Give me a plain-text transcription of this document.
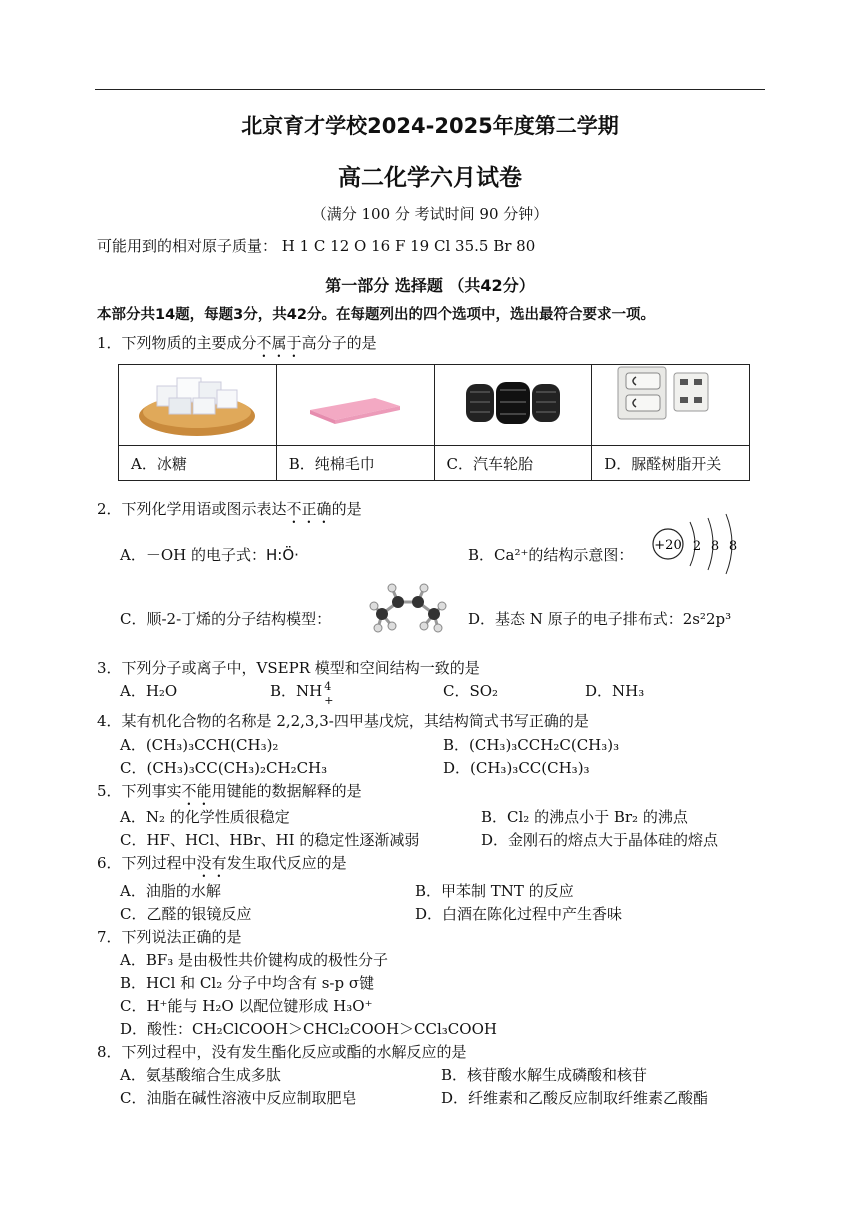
北京育才学校2024-2025年度第二学期
高二化学六月试卷
（满分 100 分 考试时间 90 分钟）
可能用到的相对原子质量： H 1 C 12 O 16 F 19 Cl 35.5 Br 80
第一部分 选择题 （共42分）
本部分共14题，每题3分，共42分。在每题列出的四个选项中，选出最符合要求一项。
1．下列物质的主要成分不属于高分子的是

A．冰糖	B．纯棉毛巾	C．汽车轮胎	D．脲醛树脂开关
2．下列化学用语或图示表达不正确的是
A．－OH 的电子式：H:Ö·	B．Ca²⁺的结构示意图：
+20 2 8 8
C．顺-2-丁烯的分子结构模型：	D．基态 N 原子的电子排布式：2s²2p³
3．下列分子或离子中，VSEPR 模型和空间结构一致的是
A．H₂O	B．NH 4
+
C．SO₂	D．NH₃
4．某有机化合物的名称是 2,2,3,3-四甲基戊烷，其结构简式书写正确的是
A．(CH₃)₃CCH(CH₃)₂	B．(CH₃)₃CCH₂C(CH₃)₃
C．(CH₃)₃CC(CH₃)₂CH₂CH₃	D．(CH₃)₃CC(CH₃)₃
5．下列事实不能用键能的数据解释的是
A．N₂ 的化学性质很稳定	B．Cl₂ 的沸点小于 Br₂ 的沸点
C．HF、HCl、HBr、HI 的稳定性逐渐减弱	D．金刚石的熔点大于晶体硅的熔点
6．下列过程中没有发生取代反应的是
A．油脂的水解	B．甲苯制 TNT 的反应
C．乙醛的银镜反应	D．白酒在陈化过程中产生香味
7．下列说法正确的是
A．BF₃ 是由极性共价键构成的极性分子
B．HCl 和 Cl₂ 分子中均含有 s-p σ键
C．H⁺能与 H₂O 以配位键形成 H₃O⁺
D．酸性：CH₂ClCOOH＞CHCl₂COOH＞CCl₃COOH
8．下列过程中，没有发生酯化反应或酯的水解反应的是
A．氨基酸缩合生成多肽	B．核苷酸水解生成磷酸和核苷
C．油脂在碱性溶液中反应制取肥皂	D．纤维素和乙酸反应制取纤维素乙酸酯
